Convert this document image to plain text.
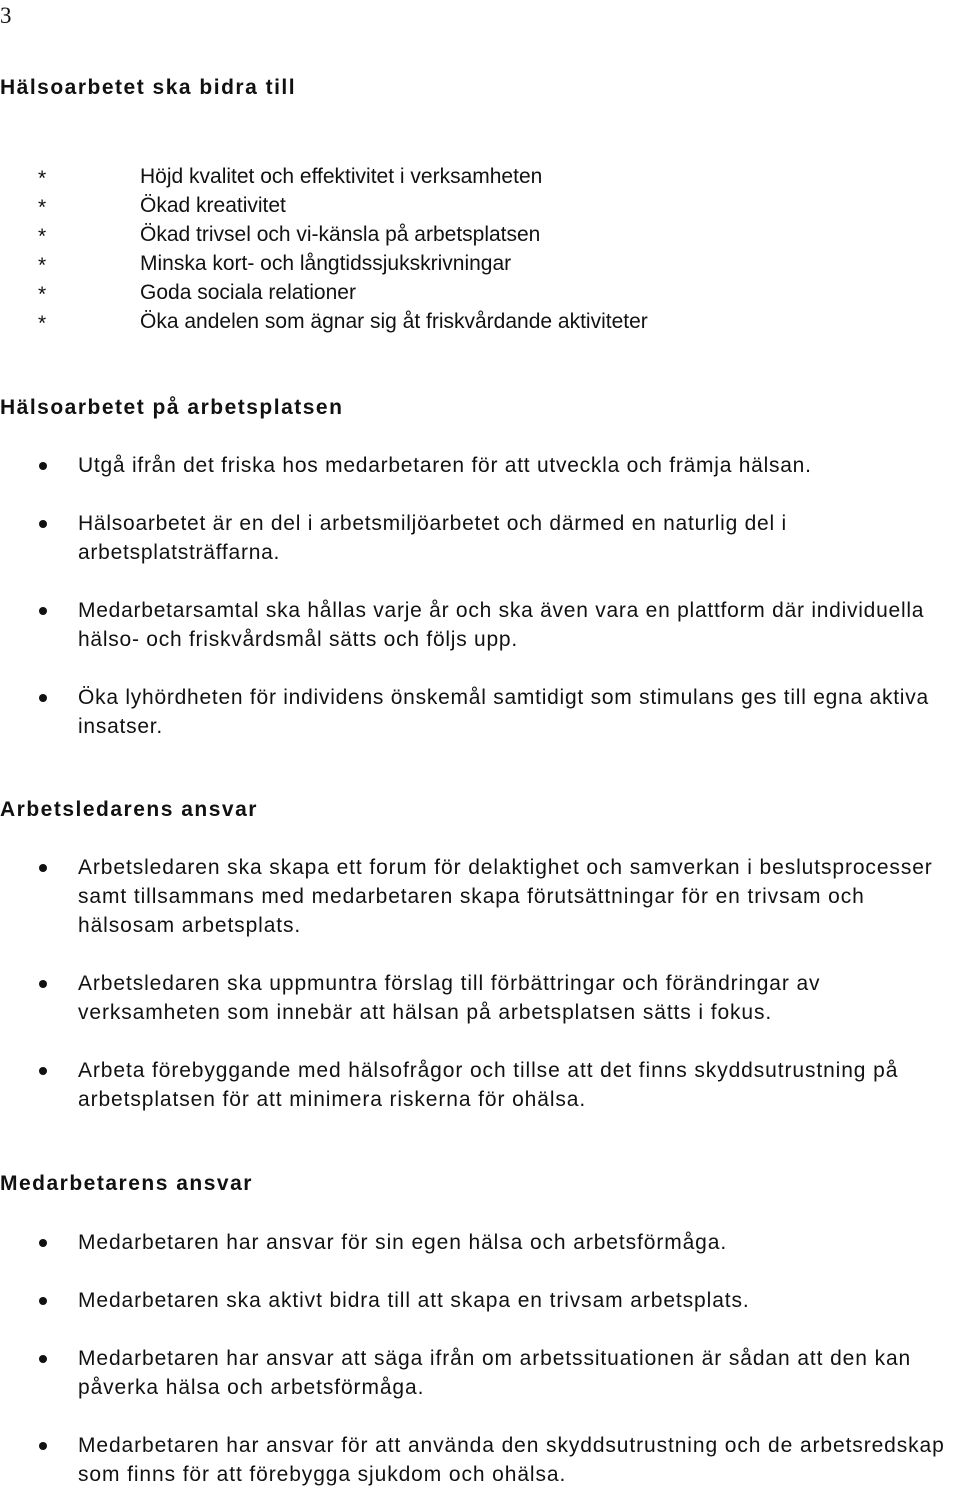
3
Hälsoarbetet ska bidra till
*	Höjd kvalitet och effektivitet i verksamheten
*	Ökad kreativitet
*	Ökad trivsel och vi-känsla på arbetsplatsen
*	Minska kort- och långtidssjukskrivningar
*	Goda sociala relationer
*	Öka andelen som ägnar sig åt friskvårdande aktiviteter
Hälsoarbetet på arbetsplatsen
Utgå ifrån det friska hos medarbetaren för att utveckla och främja hälsan.
Hälsoarbetet är en del i arbetsmiljöarbetet och därmed en naturlig del i arbetsplatsträffarna.
Medarbetarsamtal ska hållas varje år och ska även vara en plattform där individuella hälso- och friskvårdsmål sätts och följs upp.
Öka lyhördheten för individens önskemål samtidigt som stimulans ges till egna aktiva insatser.
Arbetsledarens ansvar
Arbetsledaren ska skapa ett forum för delaktighet och samverkan i beslutsprocesser samt tillsammans med medarbetaren skapa förutsättningar för en trivsam och hälsosam arbetsplats.
Arbetsledaren ska uppmuntra förslag till förbättringar och förändringar av verksamheten som innebär att hälsan på arbetsplatsen sätts i fokus.
Arbeta förebyggande med hälsofrågor och tillse att det finns skyddsutrustning på arbetsplatsen för att minimera riskerna för ohälsa.
Medarbetarens ansvar
Medarbetaren har ansvar för sin egen hälsa och arbetsförmåga.
Medarbetaren ska aktivt bidra till att skapa en trivsam arbetsplats.
Medarbetaren har ansvar att säga ifrån om arbetssituationen är sådan att den kan påverka hälsa och arbetsförmåga.
Medarbetaren har ansvar för att använda den skyddsutrustning och de arbetsredskap som finns för att förebygga sjukdom och ohälsa.
